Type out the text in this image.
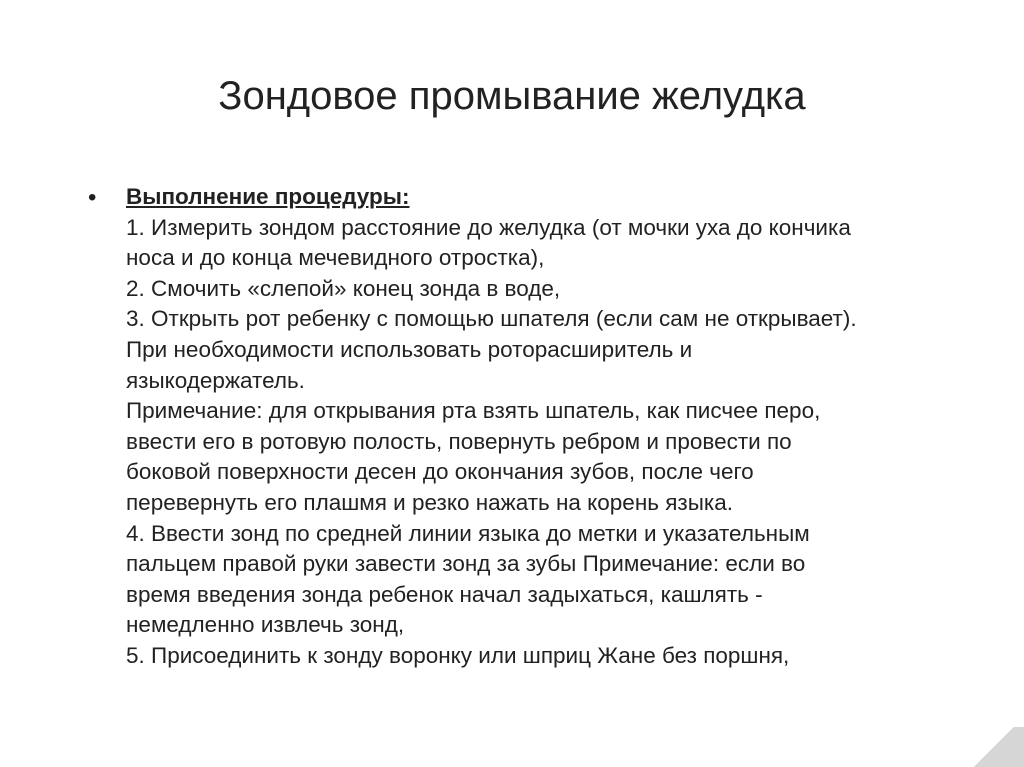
Зондовое промывание желудка
• Выполнение процедуры:
1. Измерить зондом расстояние до желудка (от мочки уха до кончика
носа и до конца мечевидного отростка),
2. Смочить «слепой» конец зонда в воде,
3. Открыть рот ребенку с помощью шпателя (если сам не открывает).
При необходимости использовать роторасширитель и
языкодержатель.
Примечание: для открывания рта взять шпатель, как писчее перо,
ввести его в ротовую полость, повернуть ребром и провести по
боковой поверхности десен до окончания зубов, после чего
перевернуть его плашмя и резко нажать на корень языка.
4. Ввести зонд по средней линии языка до метки и указательным
пальцем правой руки завести зонд за зубы Примечание: если во
время введения зонда ребенок начал задыхаться, кашлять -
немедленно извлечь зонд,
5. Присоединить к зонду воронку или шприц Жане без поршня,
